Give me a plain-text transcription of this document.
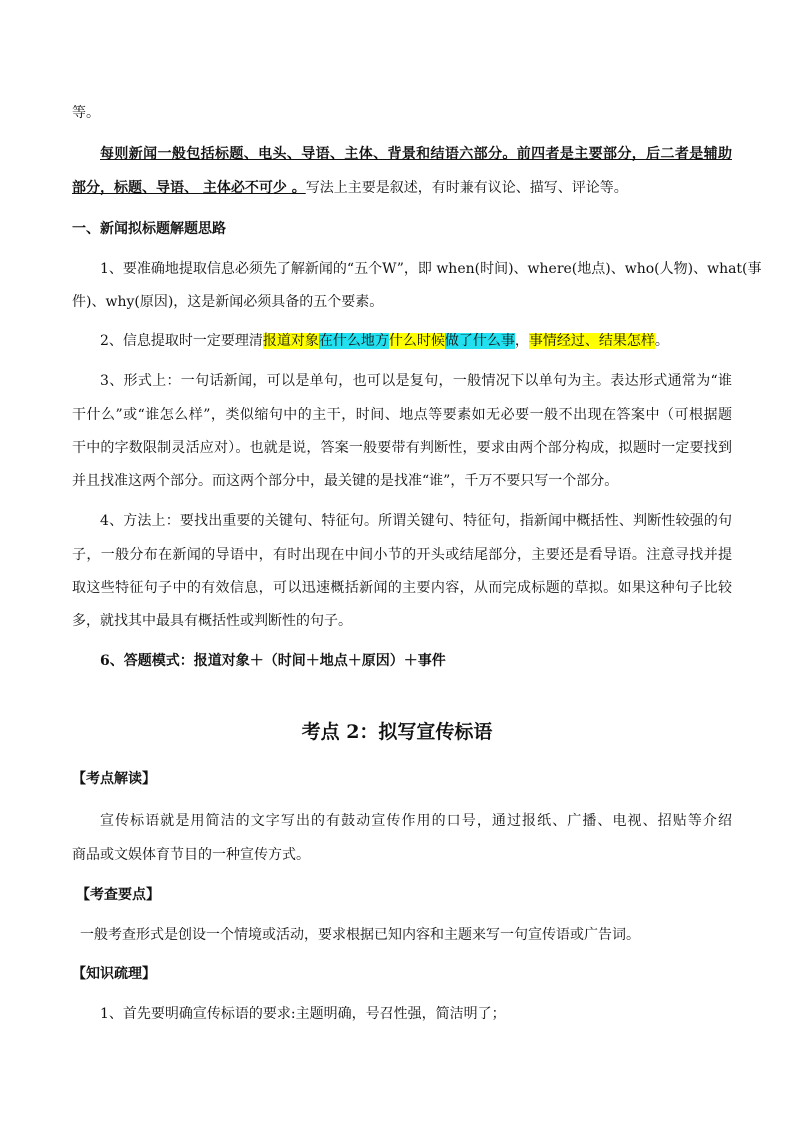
等。
每则新闻一般包括标题、电头、导语、主体、背景和结语六部分。前四者是主要部分，后二者是辅助
部分，标题、导语、 主体必不可少 。写法上主要是叙述，有时兼有议论、描写、评论等。
一、新闻拟标题解题思路
1、要准确地提取信息必须先了解新闻的“五个W”，即 when(时间)、where(地点)、who(人物)、what(事
件)、why(原因)，这是新闻必须具备的五个要素。
2、信息提取时一定要理清报道对象在什么地方什么时候做了什么事，事情经过、结果怎样。
3、形式上：一句话新闻，可以是单句，也可以是复句，一般情况下以单句为主。表达形式通常为“谁
干什么”或“谁怎么样”，类似缩句中的主干，时间、地点等要素如无必要一般不出现在答案中（可根据题
干中的字数限制灵活应对）。也就是说，答案一般要带有判断性，要求由两个部分构成，拟题时一定要找到
并且找准这两个部分。而这两个部分中，最关键的是找准“谁”，千万不要只写一个部分。
4、方法上：要找出重要的关键句、特征句。所谓关键句、特征句，指新闻中概括性、判断性较强的句
子，一般分布在新闻的导语中，有时出现在中间小节的开头或结尾部分，主要还是看导语。注意寻找并提
取这些特征句子中的有效信息，可以迅速概括新闻的主要内容，从而完成标题的草拟。如果这种句子比较
多，就找其中最具有概括性或判断性的句子。
6、答题模式：报道对象＋（时间＋地点＋原因）＋事件
考点 2：拟写宣传标语
【考点解读】
宣传标语就是用简洁的文字写出的有鼓动宣传作用的口号，通过报纸、广播、电视、招贴等介绍
商品或文娱体育节目的一种宣传方式。
【考查要点】
一般考查形式是创设一个情境或活动，要求根据已知内容和主题来写一句宣传语或广告词。
【知识疏理】
1、首先要明确宣传标语的要求:主题明确，号召性强，简洁明了；
